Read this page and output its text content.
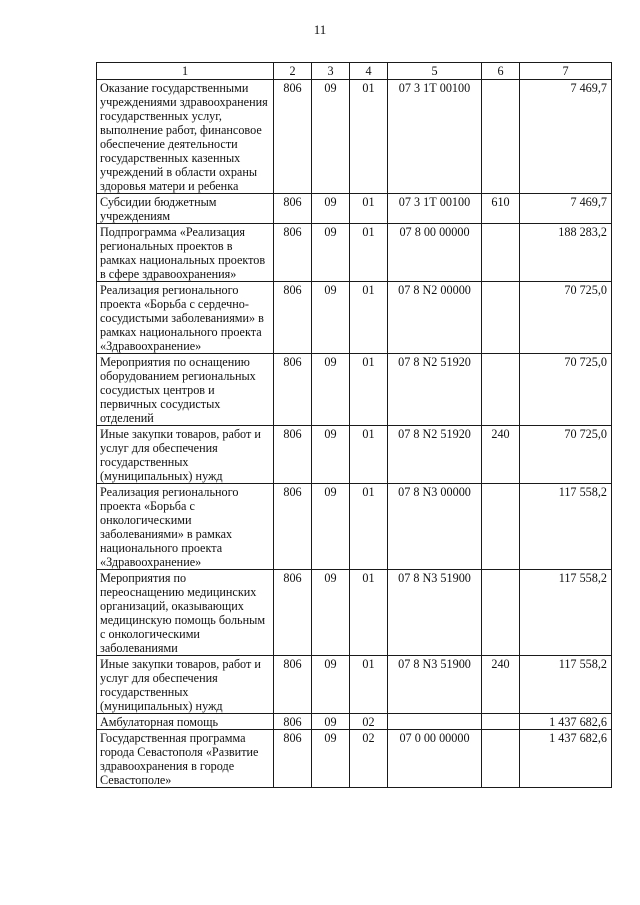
11
1	2	3	4	5	6	7
Оказание государственными учреждениями здравоохранения государственных услуг, выполнение работ, финансовое обеспечение деятельности государственных казенных учреждений в области охраны здоровья матери и ребенка	806	09	01	07 3 1Т 00100		7 469,7
Субсидии бюджетным учреждениям	806	09	01	07 3 1Т 00100	610	7 469,7
Подпрограмма «Реализация региональных проектов в рамках национальных проектов в сфере здравоохранения»	806	09	01	07 8 00 00000		188 283,2
Реализация регионального проекта «Борьба с сердечно-сосудистыми заболеваниями» в рамках национального проекта «Здравоохранение»	806	09	01	07 8 N2 00000		70 725,0
Мероприятия по оснащению оборудованием региональных сосудистых центров и первичных сосудистых отделений	806	09	01	07 8 N2 51920		70 725,0
Иные закупки товаров, работ и услуг для обеспечения государственных (муниципальных) нужд	806	09	01	07 8 N2 51920	240	70 725,0
Реализация регионального проекта «Борьба с онкологическими заболеваниями» в рамках национального проекта «Здравоохранение»	806	09	01	07 8 N3 00000		117 558,2
Мероприятия по переоснащению медицинских организаций, оказывающих медицинскую помощь больным с онкологическими заболеваниями	806	09	01	07 8 N3 51900		117 558,2
Иные закупки товаров, работ и услуг для обеспечения государственных (муниципальных) нужд	806	09	01	07 8 N3 51900	240	117 558,2
Амбулаторная помощь	806	09	02			1 437 682,6
Государственная программа города Севастополя «Развитие здравоохранения в городе Севастополе»	806	09	02	07 0 00 00000		1 437 682,6
